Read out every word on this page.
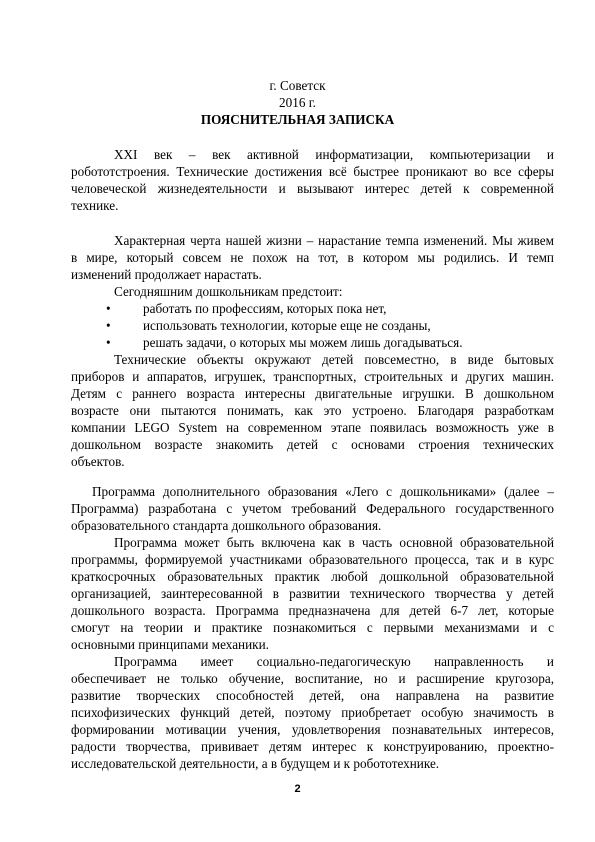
г. Советск
2016 г.
ПОЯСНИТЕЛЬНАЯ ЗАПИСКА
XXI век – век активной информатизации, компьютеризации и
робототстроения. Технические достижения всё быстрее проникают во все сферы
человеческой жизнедеятельности и вызывают интерес детей к современной
технике.
Характерная черта нашей жизни – нарастание темпа изменений. Мы живем
в мире, который совсем не похож на тот, в котором мы родились. И темп
изменений продолжает нарастать.
Сегодняшним дошкольникам предстоит:
• работать по профессиям, которых пока нет,
• использовать технологии, которые еще не созданы,
• решать задачи, о которых мы можем лишь догадываться.
Технические объекты окружают детей повсеместно, в виде бытовых
приборов и аппаратов, игрушек, транспортных, строительных и других машин.
Детям с раннего возраста интересны двигательные игрушки. В дошкольном
возрасте они пытаются понимать, как это устроено. Благодаря разработкам
компании LEGO System на современном этапе появилась возможность уже в
дошкольном возрасте знакомить детей с основами строения технических
объектов.
Программа дополнительного образования «Лего с дошкольниками» (далее –
Программа) разработана с учетом требований Федерального государственного
образовательного стандарта дошкольного образования.
Программа может быть включена как в часть основной образовательной
программы, формируемой участниками образовательного процесса, так и в курс
краткосрочных образовательных практик любой дошкольной образовательной
организацией, заинтересованной в развитии технического творчества у детей
дошкольного возраста. Программа предназначена для детей 6-7 лет, которые
смогут на теории и практике познакомиться с первыми механизмами и с
основными принципами механики.
Программа имеет социально-педагогическую направленность и
обеспечивает не только обучение, воспитание, но и расширение кругозора,
развитие творческих способностей детей, она направлена на развитие
психофизических функций детей, поэтому приобретает особую значимость в
формировании мотивации учения, удовлетворения познавательных интересов,
радости творчества, прививает детям интерес к конструированию, проектно-
исследовательской деятельности, а в будущем и к робототехнике.
2
